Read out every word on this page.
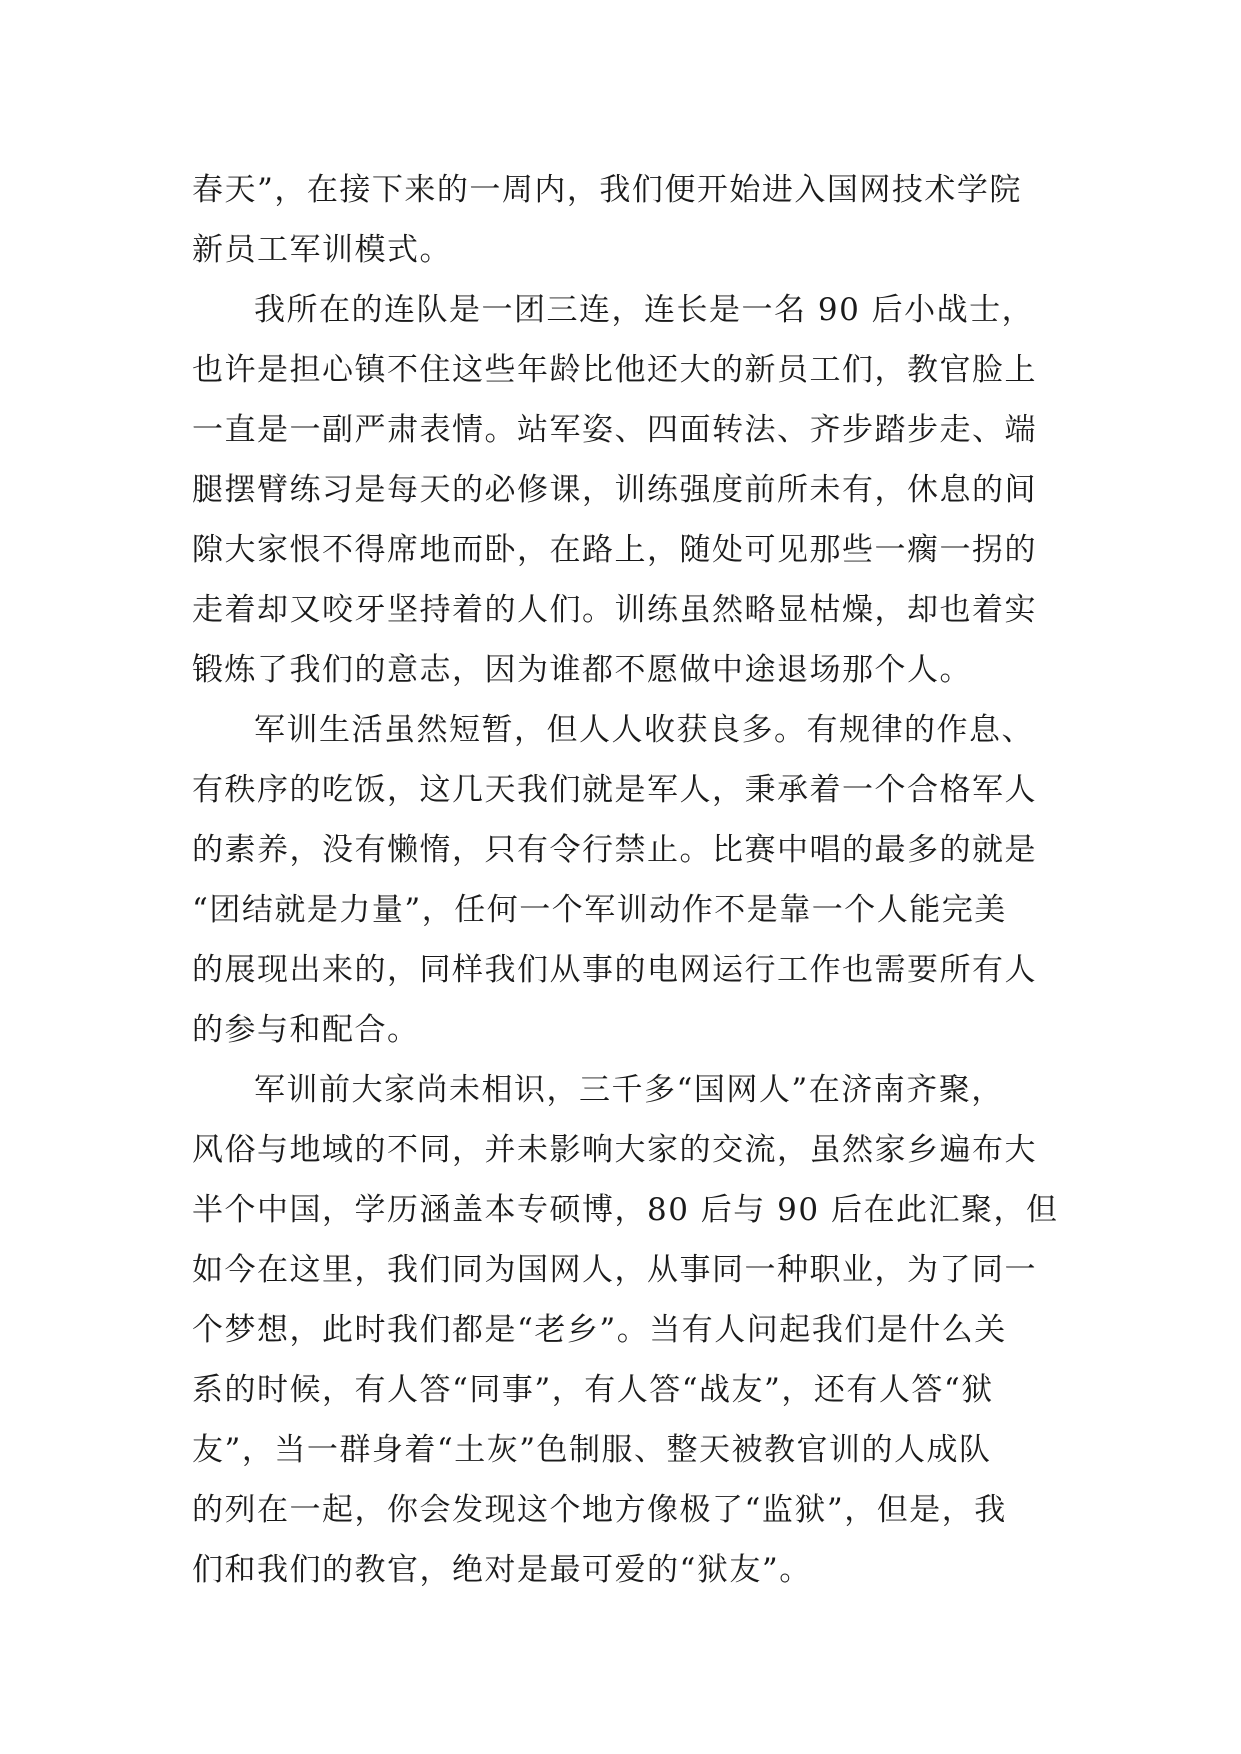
春天”，在接下来的一周内，我们便开始进入国网技术学院
新员工军训模式。
我所在的连队是一团三连，连长是一名 90 后小战士，
也许是担心镇不住这些年龄比他还大的新员工们，教官脸上
一直是一副严肃表情。站军姿、四面转法、齐步踏步走、端
腿摆臂练习是每天的必修课，训练强度前所未有，休息的间
隙大家恨不得席地而卧，在路上，随处可见那些一瘸一拐的
走着却又咬牙坚持着的人们。训练虽然略显枯燥，却也着实
锻炼了我们的意志，因为谁都不愿做中途退场那个人。
军训生活虽然短暂，但人人收获良多。有规律的作息、
有秩序的吃饭，这几天我们就是军人，秉承着一个合格军人
的素养，没有懒惰，只有令行禁止。比赛中唱的最多的就是
“团结就是力量”，任何一个军训动作不是靠一个人能完美
的展现出来的，同样我们从事的电网运行工作也需要所有人
的参与和配合。
军训前大家尚未相识，三千多“国网人”在济南齐聚，
风俗与地域的不同，并未影响大家的交流，虽然家乡遍布大
半个中国，学历涵盖本专硕博，80 后与 90 后在此汇聚，但
如今在这里，我们同为国网人，从事同一种职业，为了同一
个梦想，此时我们都是“老乡”。当有人问起我们是什么关
系的时候，有人答“同事”，有人答“战友”，还有人答“狱
友”，当一群身着“土灰”色制服、整天被教官训的人成队
的列在一起，你会发现这个地方像极了“监狱”，但是，我
们和我们的教官，绝对是最可爱的“狱友”。
